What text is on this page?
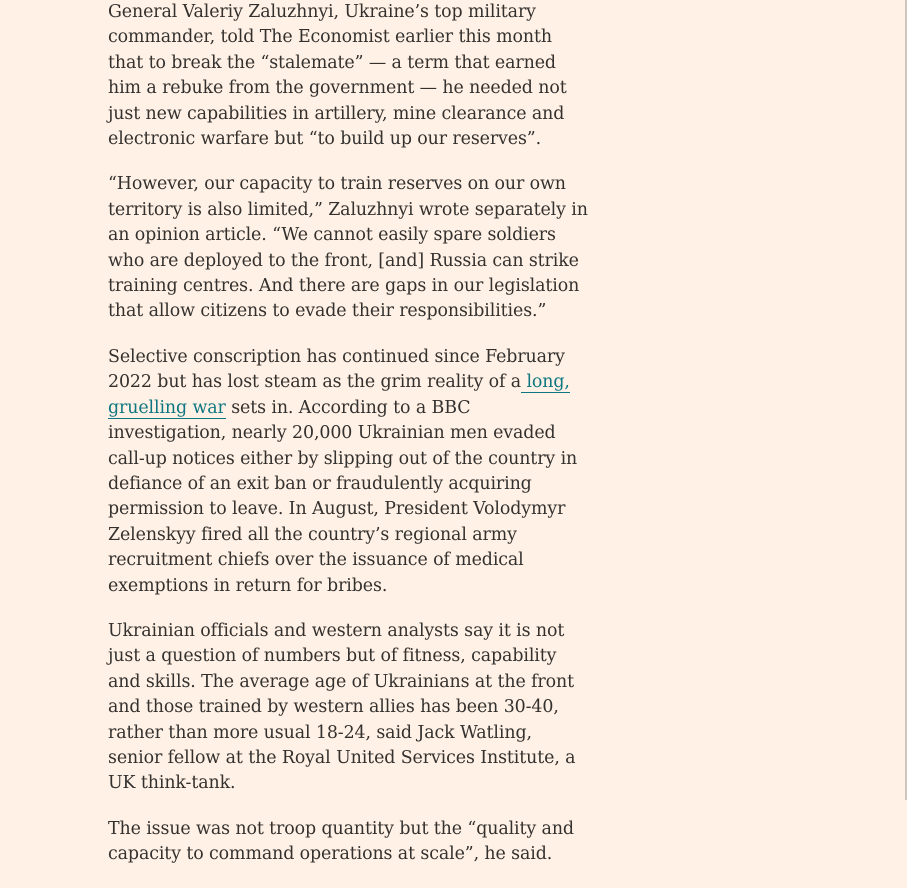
General Valeriy Zaluzhnyi, Ukraine’s top military commander, told The Economist earlier this month that to break the “stalemate” — a term that earned him a rebuke from the government — he needed not just new capabilities in artillery, mine clearance and electronic warfare but “to build up our reserves”.

“However, our capacity to train reserves on our own territory is also limited,” Zaluzhnyi wrote separately in an opinion article. “We cannot easily spare soldiers who are deployed to the front, [and] Russia can strike training centres. And there are gaps in our legislation that allow citizens to evade their responsibilities.”

Selective conscription has continued since February 2022 but has lost steam as the grim reality of a long, gruelling war sets in. According to a BBC investigation, nearly 20,000 Ukrainian men evaded call-up notices either by slipping out of the country in defiance of an exit ban or fraudulently acquiring permission to leave. In August, President Volodymyr Zelenskyy fired all the country’s regional army recruitment chiefs over the issuance of medical exemptions in return for bribes.

Ukrainian officials and western analysts say it is not just a question of numbers but of fitness, capability and skills. The average age of Ukrainians at the front and those trained by western allies has been 30-40, rather than more usual 18-24, said Jack Watling, senior fellow at the Royal United Services Institute, a UK think-tank.

The issue was not troop quantity but the “quality and capacity to command operations at scale”, he said.
